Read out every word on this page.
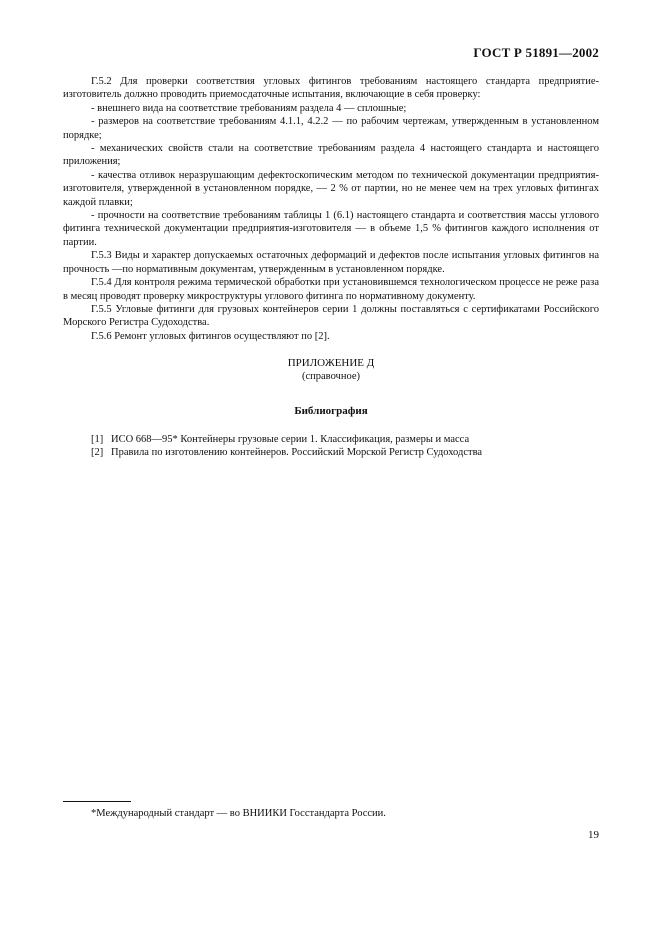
ГОСТ Р 51891—2002

Г.5.2 Для проверки соответствия угловых фитингов требованиям настоящего стандарта предприятие-изготовитель должно проводить приемосдаточные испытания, включающие в себя проверку:

- внешнего вида на соответствие требованиям раздела 4 — сплошные;

- размеров на соответствие требованиям 4.1.1, 4.2.2 — по рабочим чертежам, утвержденным в установленном порядке;

- механических свойств стали на соответствие требованиям раздела 4 настоящего стандарта и настоящего приложения;

- качества отливок неразрушающим дефектоскопическим методом по технической документации предприятия-изготовителя, утвержденной в установленном порядке, — 2 % от партии, но не менее чем на трех угловых фитингах каждой плавки;

- прочности на соответствие требованиям таблицы 1 (6.1) настоящего стандарта и соответствия массы углового фитинга технической документации предприятия-изготовителя — в объеме 1,5 % фитингов каждого исполнения от партии.

Г.5.3 Виды и характер допускаемых остаточных деформаций и дефектов после испытания угловых фитингов на прочность —по нормативным документам, утвержденным в установленном порядке.

Г.5.4 Для контроля режима термической обработки при установившемся технологическом процессе не реже раза в месяц проводят проверку микроструктуры углового фитинга по нормативному документу.

Г.5.5 Угловые фитинги для грузовых контейнеров серии 1 должны поставляться с сертификатами Российского Морского Регистра Судоходства.

Г.5.6 Ремонт угловых фитингов осуществляют по [2].

ПРИЛОЖЕНИЕ Д
(справочное)
Библиография
[1] ИСО 668—95* Контейнеры грузовые серии 1. Классификация, размеры и масса
[2] Правила по изготовлению контейнеров. Российский Морской Регистр Судоходства
*Международный стандарт — во ВНИИКИ Госстандарта России.
19
